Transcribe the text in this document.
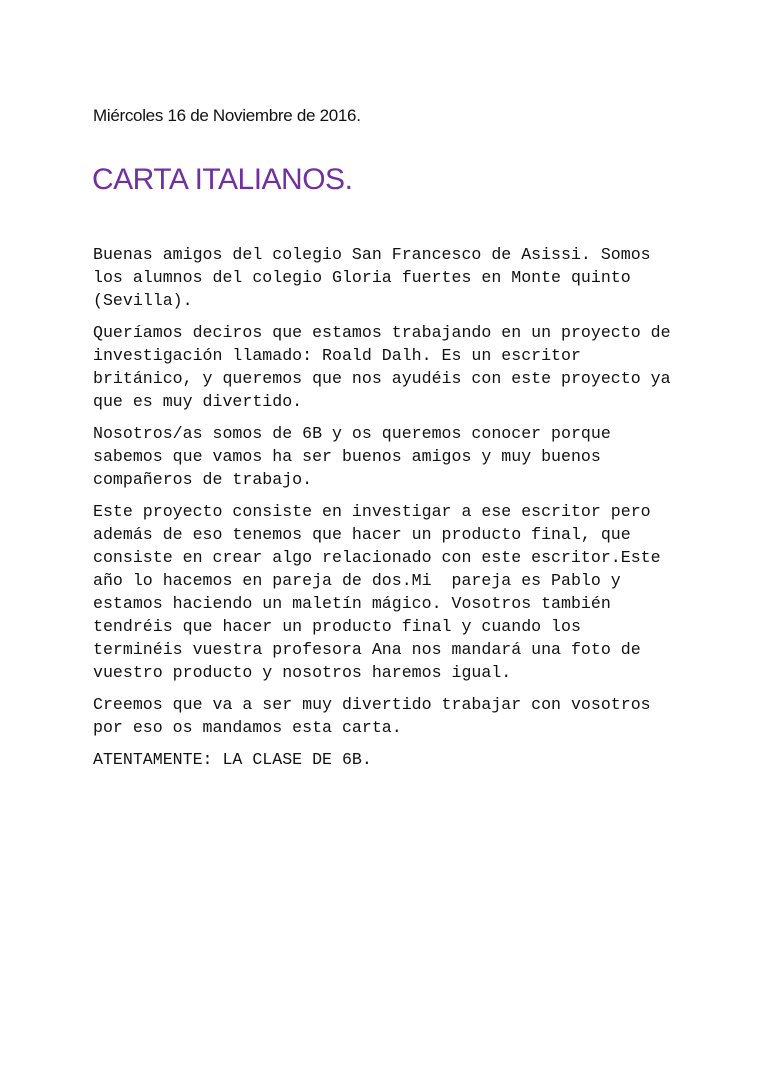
Miércoles 16 de Noviembre de 2016.
CARTA ITALIANOS.
Buenas amigos del colegio San Francesco de Asissi. Somos
los alumnos del colegio Gloria fuertes en Monte quinto
(Sevilla).
Queríamos deciros que estamos trabajando en un proyecto de
investigación llamado: Roald Dalh. Es un escritor
británico, y queremos que nos ayudéis con este proyecto ya
que es muy divertido.
Nosotros/as somos de 6B y os queremos conocer porque
sabemos que vamos ha ser buenos amigos y muy buenos
compañeros de trabajo.
Este proyecto consiste en investigar a ese escritor pero
además de eso tenemos que hacer un producto final, que
consiste en crear algo relacionado con este escritor.Este
año lo hacemos en pareja de dos.Mi  pareja es Pablo y
estamos haciendo un maletín mágico. Vosotros también
tendréis que hacer un producto final y cuando los
terminéis vuestra profesora Ana nos mandará una foto de
vuestro producto y nosotros haremos igual.
Creemos que va a ser muy divertido trabajar con vosotros
por eso os mandamos esta carta.
ATENTAMENTE: LA CLASE DE 6B.
